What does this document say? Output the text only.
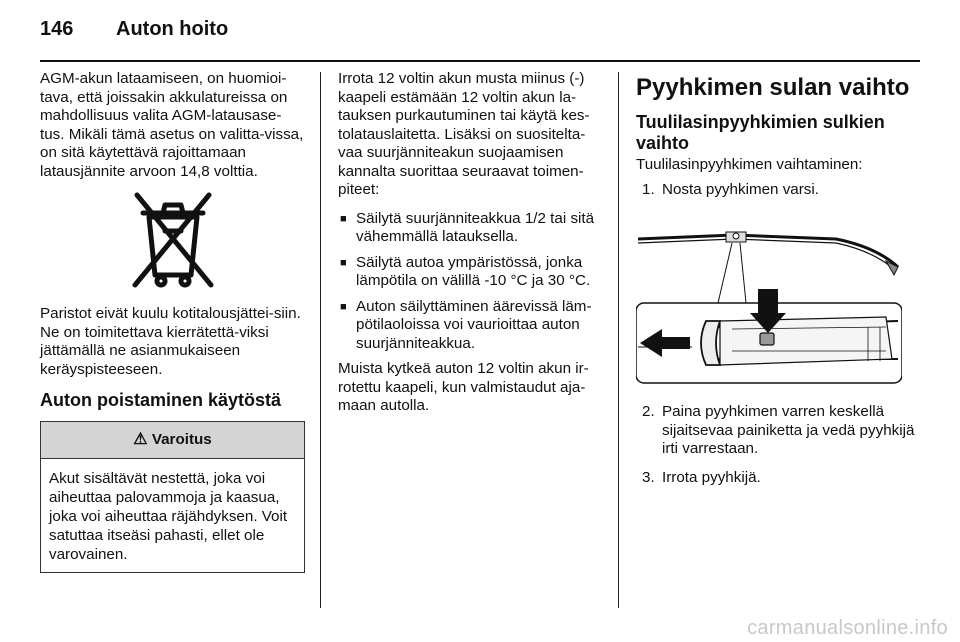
146 Auton hoito

AGM-akun lataamiseen, on huomioi-tava, että joissakin akkulatureissa on mahdollisuus valita AGM-latausase-tus. Mikäli tämä asetus on valitta-vissa, on sitä käytettävä rajoittamaan latausjännite arvoon 14,8 volttia.

Paristot eivät kuulu kotitalousjättei-siin. Ne on toimitettava kierrätettä-viksi jättämällä ne asianmukaiseen keräyspisteeseen.

Auton poistaminen käytöstä
⚠ Varoitus
Akut sisältävät nestettä, joka voi aiheuttaa palovammoja ja kaasua, joka voi aiheuttaa räjähdyksen. Voit satuttaa itseäsi pahasti, ellet ole varovainen.

Irrota 12 voltin akun musta miinus (-) kaapeli estämään 12 voltin akun la-tauksen purkautuminen tai käytä kes-tolatauslaitetta. Lisäksi on suositelta-vaa suurjänniteakun suojaamisen kannalta suorittaa seuraavat toimen-piteet:

■ Säilytä suurjänniteakkua 1/2 tai sitä vähemmällä latauksella.
■ Säilytä autoa ympäristössä, jonka lämpötila on välillä -10 °C ja 30 °C.
■ Auton säilyttäminen äärevissä läm-pötilaoloissa voi vaurioittaa auton suurjänniteakkua.

Muista kytkeä auton 12 voltin akun ir-rotettu kaapeli, kun valmistaudut aja-maan autolla.

Pyyhkimen sulan vaihto
Tuulilasinpyyhkimien sulkien vaihto

Tuulilasinpyyhkimen vaihtaminen:

1. Nosta pyyhkimen varsi.
2. Paina pyyhkimen varren keskellä sijaitsevaa painiketta ja vedä pyyhkijä irti varrestaan.
3. Irrota pyyhkijä.
carmanualsonline.info
